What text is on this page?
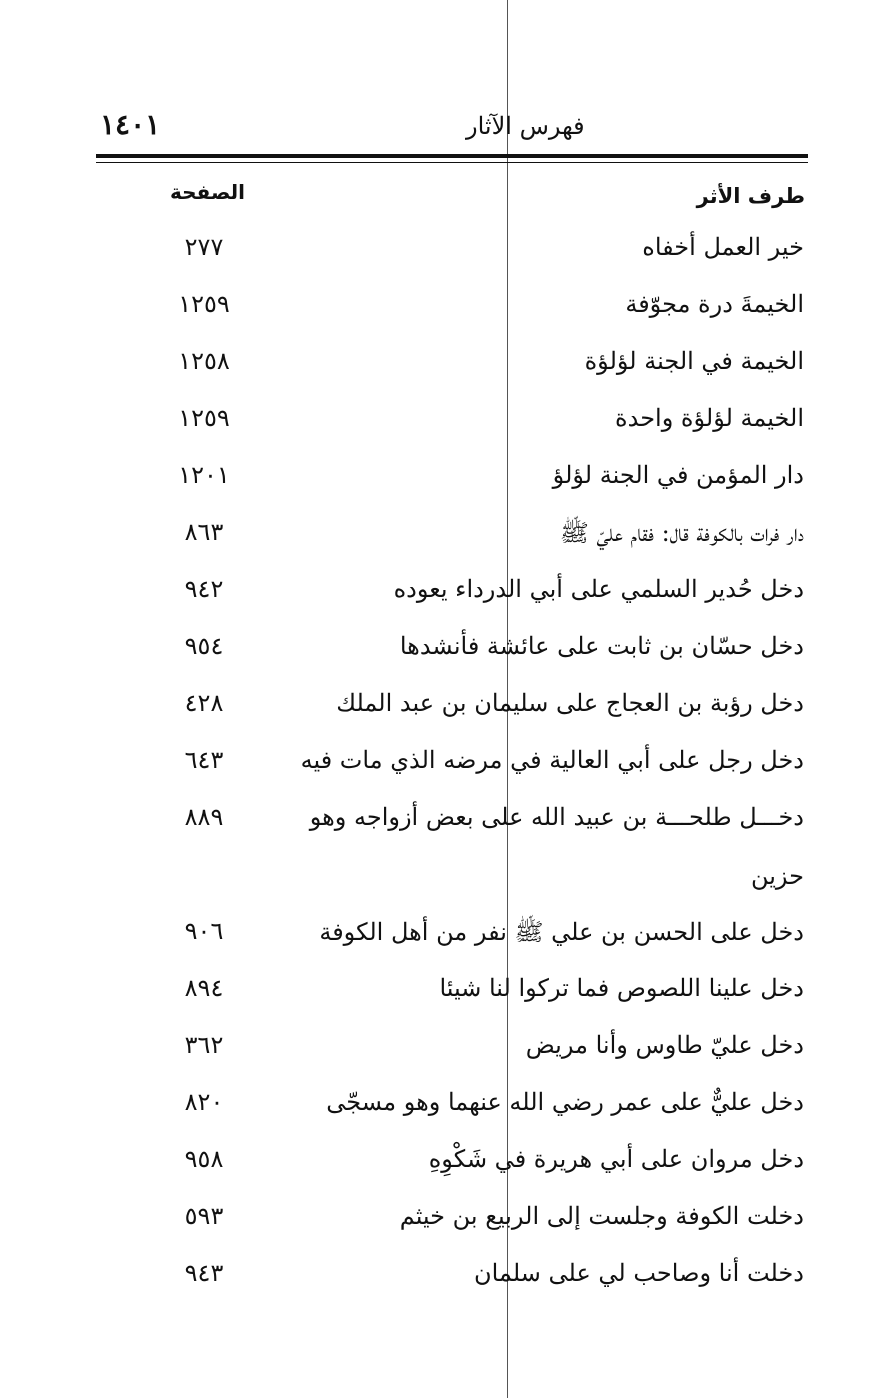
١٤٠١	فهرس الآثار
طرف الأثر
الصفحة
خير العمل أخفاه
٢٧٧
الخيمةَ درة مجوّفة
١٢٥٩
الخيمة في الجنة لؤلؤة
١٢٥٨
الخيمة لؤلؤة واحدة
١٢٥٩
دار المؤمن في الجنة لؤلؤ
١٢٠١
دار فرات بالكوفة قال: فقام عليّ ﷺ
٨٦٣
دخل حُدير السلمي على أبي الدرداء يعوده
٩٤٢
دخل حسّان بن ثابت على عائشة فأنشدها
٩٥٤
دخل رؤبة بن العجاج على سليمان بن عبد الملك
٤٢٨
دخل رجل على أبي العالية في مرضه الذي مات فيه
٦٤٣
دخـــل طلحـــة بن عبيد الله على بعض أزواجه وهو
٨٨٩
حزين
دخل على الحسن بن علي ﷺ نفر من أهل الكوفة
٩٠٦
دخل علينا اللصوص فما تركوا لنا شيئا
٨٩٤
دخل عليّ طاوس وأنا مريض
٣٦٢
دخل عليٌّ على عمر رضي الله عنهما وهو مسجّى
٨٢٠
دخل مروان على أبي هريرة في شَكْوِهِ
٩٥٨
دخلت الكوفة وجلست إلى الربيع بن خيثم
٥٩٣
دخلت أنا وصاحب لي على سلمان
٩٤٣
